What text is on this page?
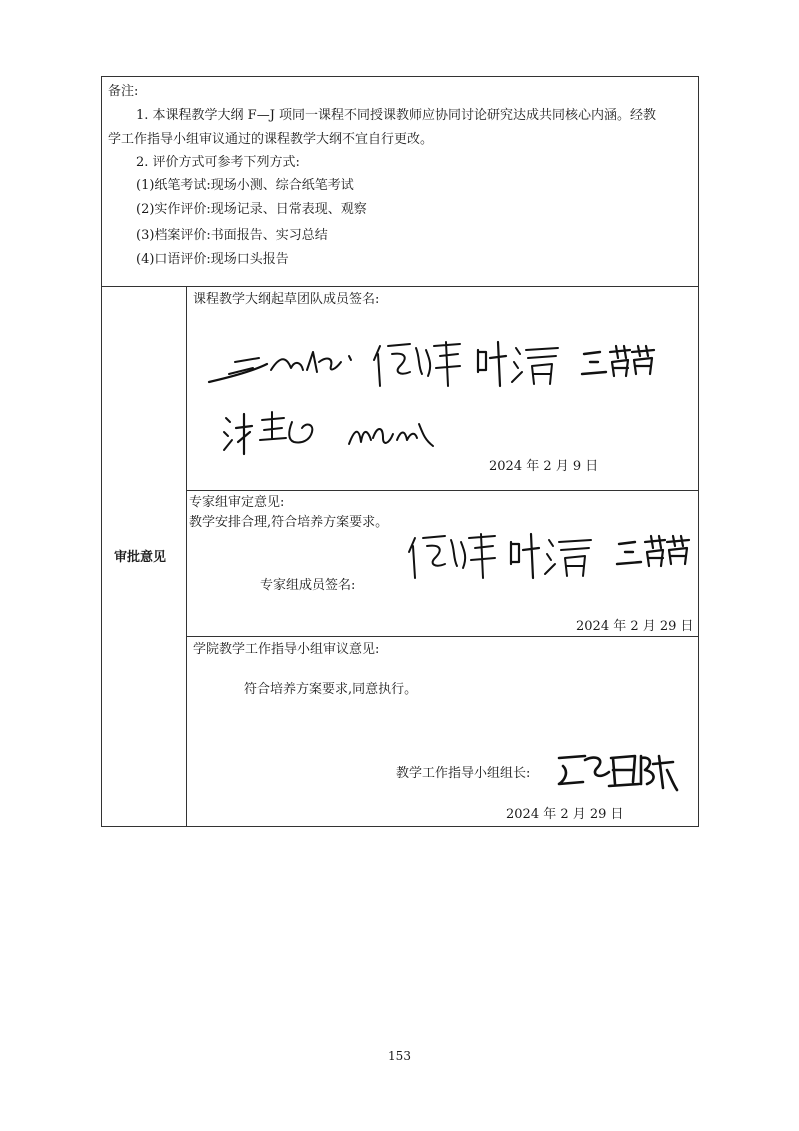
备注:
1. 本课程教学大纲 F—J 项同一课程不同授课教师应协同讨论研究达成共同核心内涵。经教
学工作指导小组审议通过的课程教学大纲不宜自行更改。
2. 评价方式可参考下列方式:
(1)纸笔考试:现场小测、综合纸笔考试
(2)实作评价:现场记录、日常表现、观察
(3)档案评价:书面报告、实习总结
(4)口语评价:现场口头报告
审批意见
课程教学大纲起草团队成员签名:
2024 年 2 月 9 日
专家组审定意见:
教学安排合理,符合培养方案要求。
专家组成员签名:
2024 年 2 月 29 日
学院教学工作指导小组审议意见:
符合培养方案要求,同意执行。
教学工作指导小组组长:
2024 年 2 月 29 日
153
